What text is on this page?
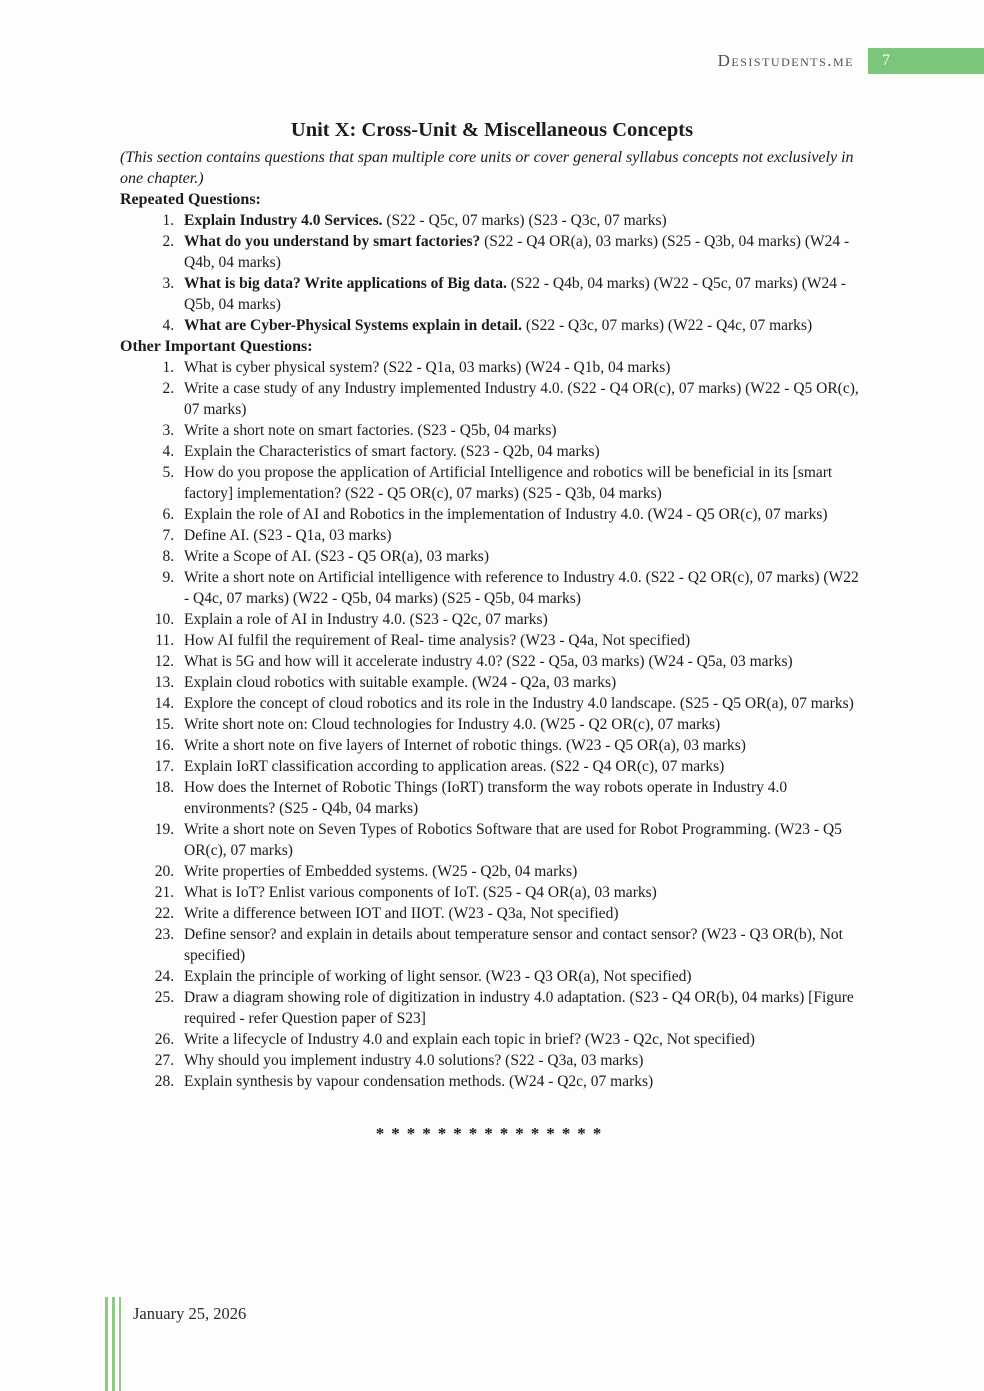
Desistudents.me	7
Unit X: Cross-Unit & Miscellaneous Concepts
(This section contains questions that span multiple core units or cover general syllabus concepts not exclusively in one chapter.)
Repeated Questions:
1. Explain Industry 4.0 Services. (S22 - Q5c, 07 marks) (S23 - Q3c, 07 marks)
2. What do you understand by smart factories? (S22 - Q4 OR(a), 03 marks) (S25 - Q3b, 04 marks) (W24 - Q4b, 04 marks)
3. What is big data? Write applications of Big data. (S22 - Q4b, 04 marks) (W22 - Q5c, 07 marks) (W24 - Q5b, 04 marks)
4. What are Cyber-Physical Systems explain in detail. (S22 - Q3c, 07 marks) (W22 - Q4c, 07 marks)
Other Important Questions:
1. What is cyber physical system? (S22 - Q1a, 03 marks) (W24 - Q1b, 04 marks)
2. Write a case study of any Industry implemented Industry 4.0. (S22 - Q4 OR(c), 07 marks) (W22 - Q5 OR(c), 07 marks)
3. Write a short note on smart factories. (S23 - Q5b, 04 marks)
4. Explain the Characteristics of smart factory. (S23 - Q2b, 04 marks)
5. How do you propose the application of Artificial Intelligence and robotics will be beneficial in its [smart factory] implementation? (S22 - Q5 OR(c), 07 marks) (S25 - Q3b, 04 marks)
6. Explain the role of AI and Robotics in the implementation of Industry 4.0. (W24 - Q5 OR(c), 07 marks)
7. Define AI. (S23 - Q1a, 03 marks)
8. Write a Scope of AI. (S23 - Q5 OR(a), 03 marks)
9. Write a short note on Artificial intelligence with reference to Industry 4.0. (S22 - Q2 OR(c), 07 marks) (W22 - Q4c, 07 marks) (W22 - Q5b, 04 marks) (S25 - Q5b, 04 marks)
10. Explain a role of AI in Industry 4.0. (S23 - Q2c, 07 marks)
11. How AI fulfil the requirement of Real- time analysis? (W23 - Q4a, Not specified)
12. What is 5G and how will it accelerate industry 4.0? (S22 - Q5a, 03 marks) (W24 - Q5a, 03 marks)
13. Explain cloud robotics with suitable example. (W24 - Q2a, 03 marks)
14. Explore the concept of cloud robotics and its role in the Industry 4.0 landscape. (S25 - Q5 OR(a), 07 marks)
15. Write short note on: Cloud technologies for Industry 4.0. (W25 - Q2 OR(c), 07 marks)
16. Write a short note on five layers of Internet of robotic things. (W23 - Q5 OR(a), 03 marks)
17. Explain IoRT classification according to application areas. (S22 - Q4 OR(c), 07 marks)
18. How does the Internet of Robotic Things (IoRT) transform the way robots operate in Industry 4.0 environments? (S25 - Q4b, 04 marks)
19. Write a short note on Seven Types of Robotics Software that are used for Robot Programming. (W23 - Q5 OR(c), 07 marks)
20. Write properties of Embedded systems. (W25 - Q2b, 04 marks)
21. What is IoT? Enlist various components of IoT. (S25 - Q4 OR(a), 03 marks)
22. Write a difference between IOT and IIOT. (W23 - Q3a, Not specified)
23. Define sensor? and explain in details about temperature sensor and contact sensor? (W23 - Q3 OR(b), Not specified)
24. Explain the principle of working of light sensor. (W23 - Q3 OR(a), Not specified)
25. Draw a diagram showing role of digitization in industry 4.0 adaptation. (S23 - Q4 OR(b), 04 marks) [Figure required - refer Question paper of S23]
26. Write a lifecycle of Industry 4.0 and explain each topic in brief? (W23 - Q2c, Not specified)
27. Why should you implement industry 4.0 solutions? (S22 - Q3a, 03 marks)
28. Explain synthesis by vapour condensation methods. (W24 - Q2c, 07 marks)
***************
January 25, 2026
